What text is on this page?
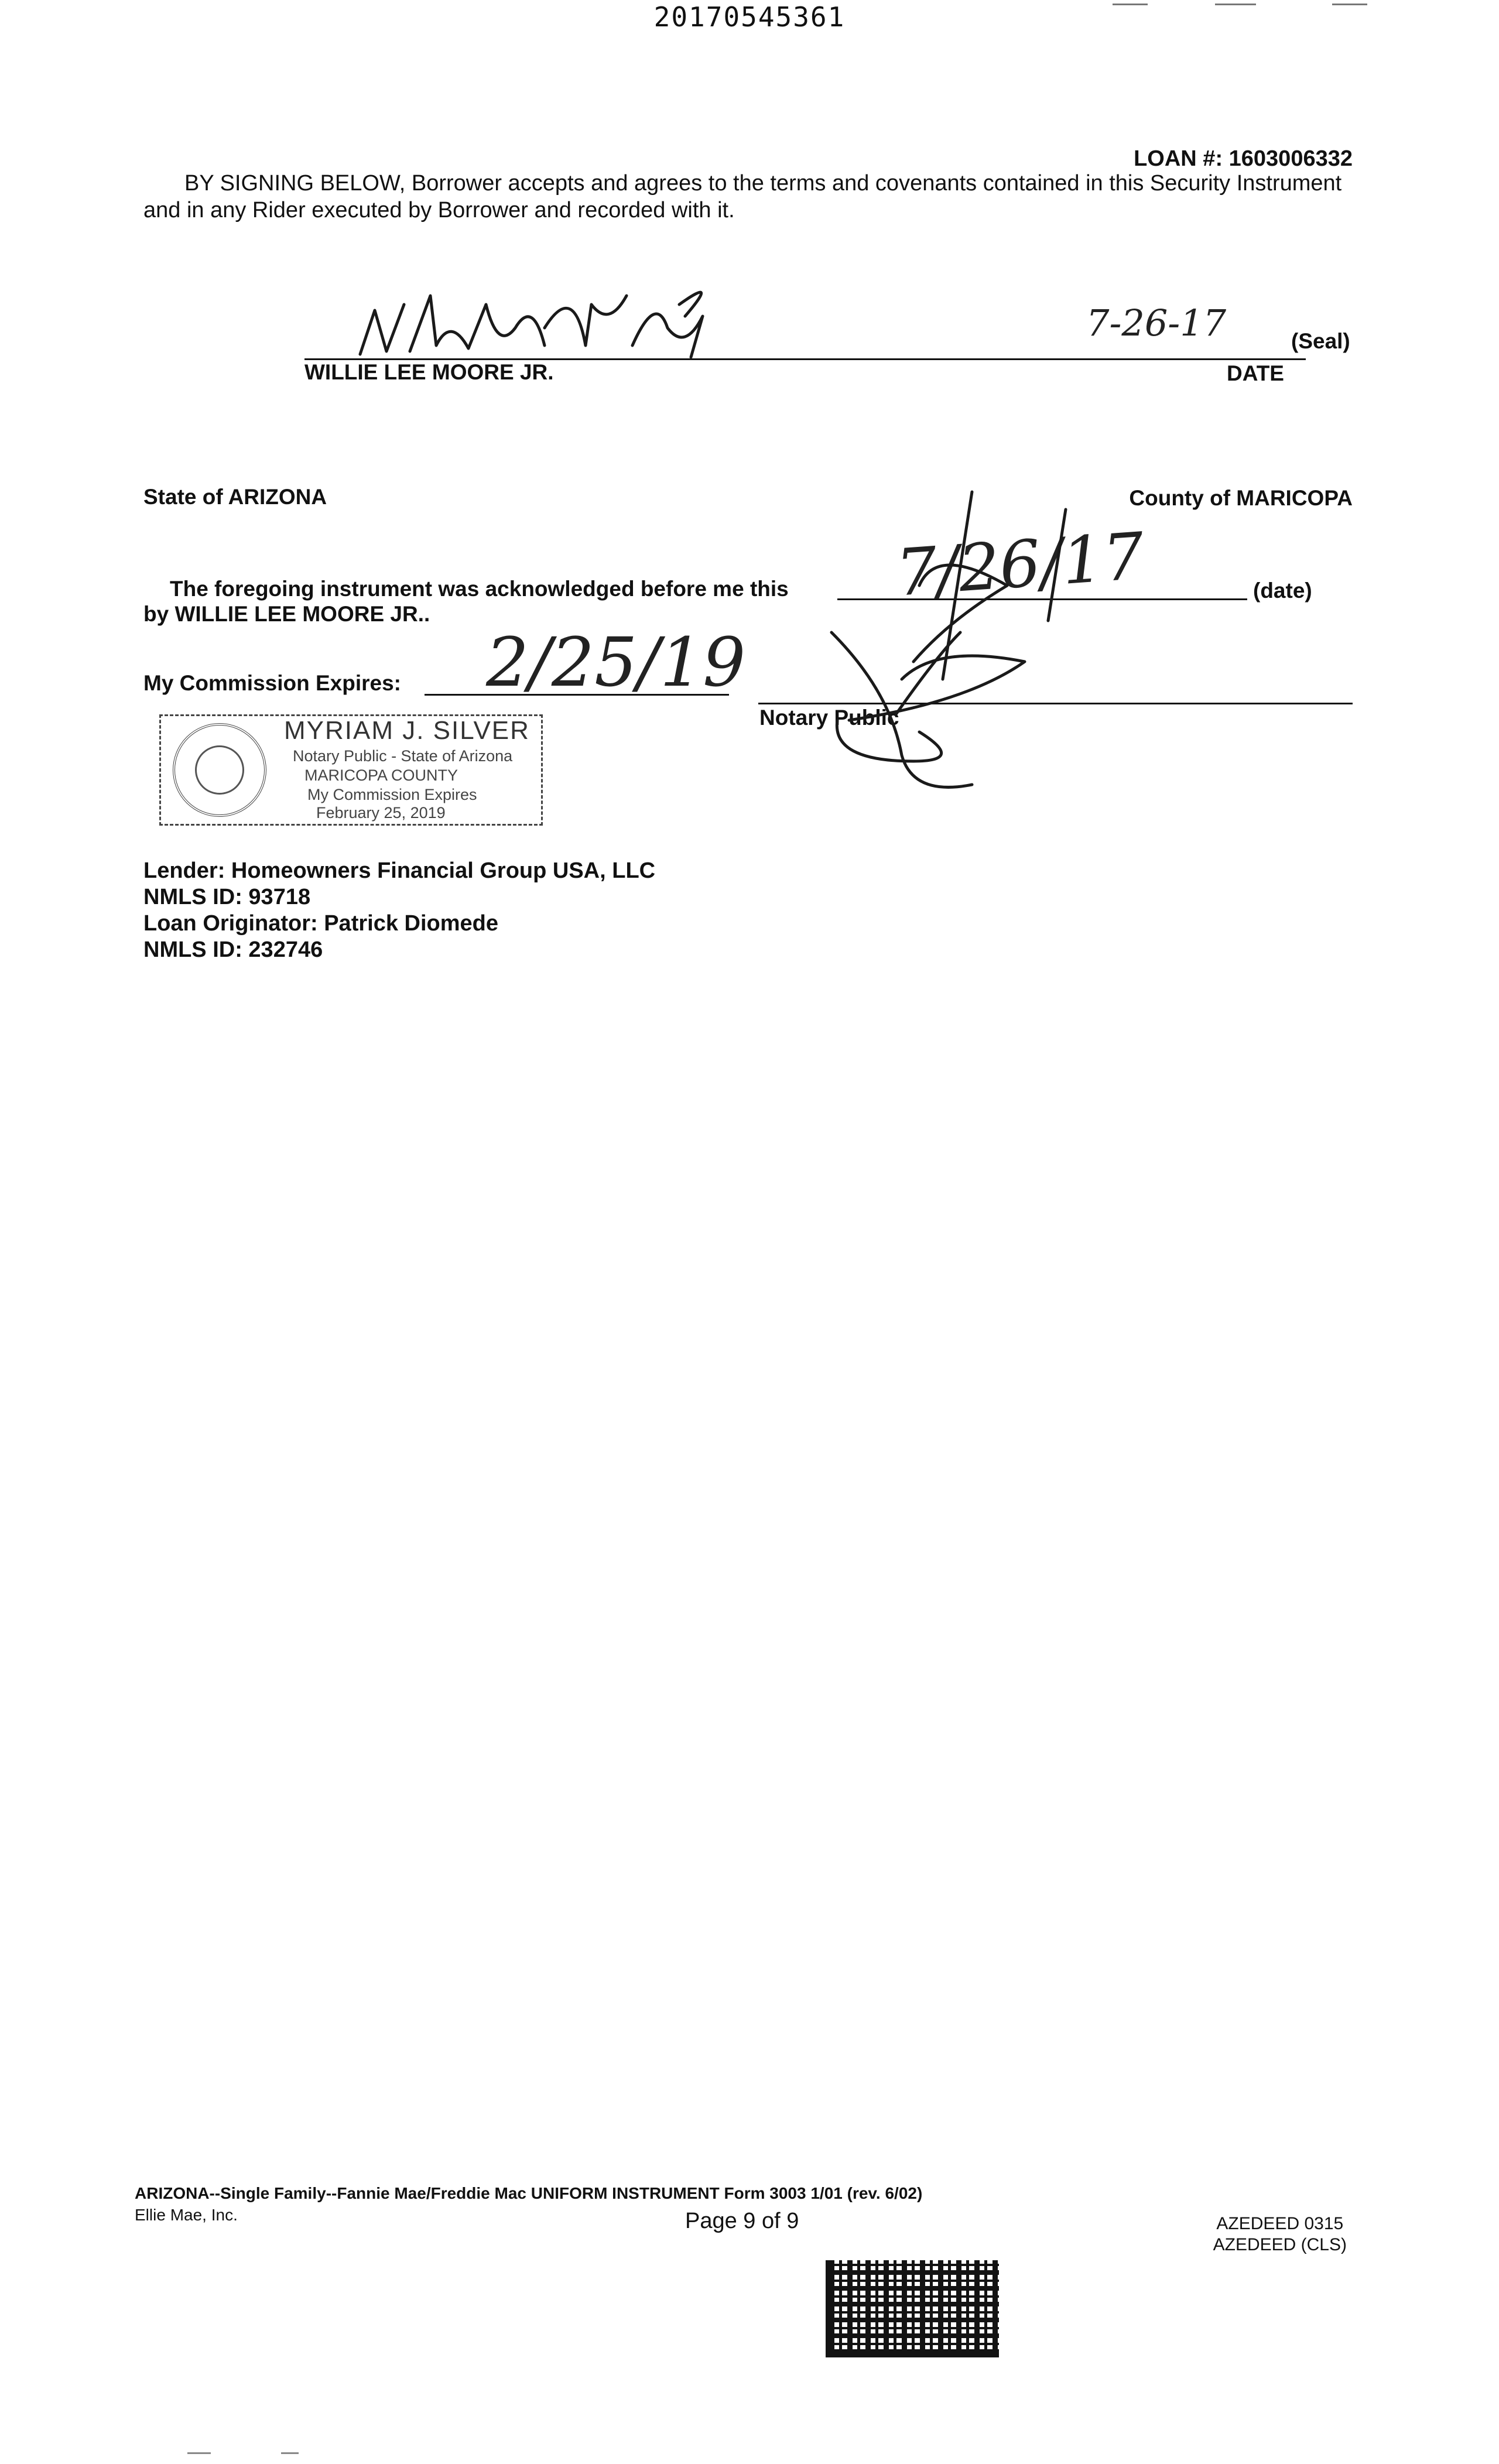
20170545361
LOAN #: 1603006332
BY SIGNING BELOW, Borrower accepts and agrees to the terms and covenants contained in this Security Instrument and in any Rider executed by Borrower and recorded with it.
WILLIE LEE MOORE JR.	DATE
(Seal)
7-26-17
State of ARIZONA	County of MARICOPA
The foregoing instrument was acknowledged before me this
by WILLIE LEE MOORE JR..
(date)
My Commission Expires:
Notary Public
7/26/17
2/25/19
MYRIAM J. SILVER
Notary Public - State of Arizona
MARICOPA COUNTY
My Commission Expires
February 25, 2019
Lender: Homeowners Financial Group USA, LLC
NMLS ID: 93718
Loan Originator: Patrick Diomede
NMLS ID: 232746
ARIZONA--Single Family--Fannie Mae/Freddie Mac UNIFORM INSTRUMENT Form 3003 1/01 (rev. 6/02)
Ellie Mae, Inc.	Page 9 of 9	AZEDEED 0315
AZEDEED (CLS)
